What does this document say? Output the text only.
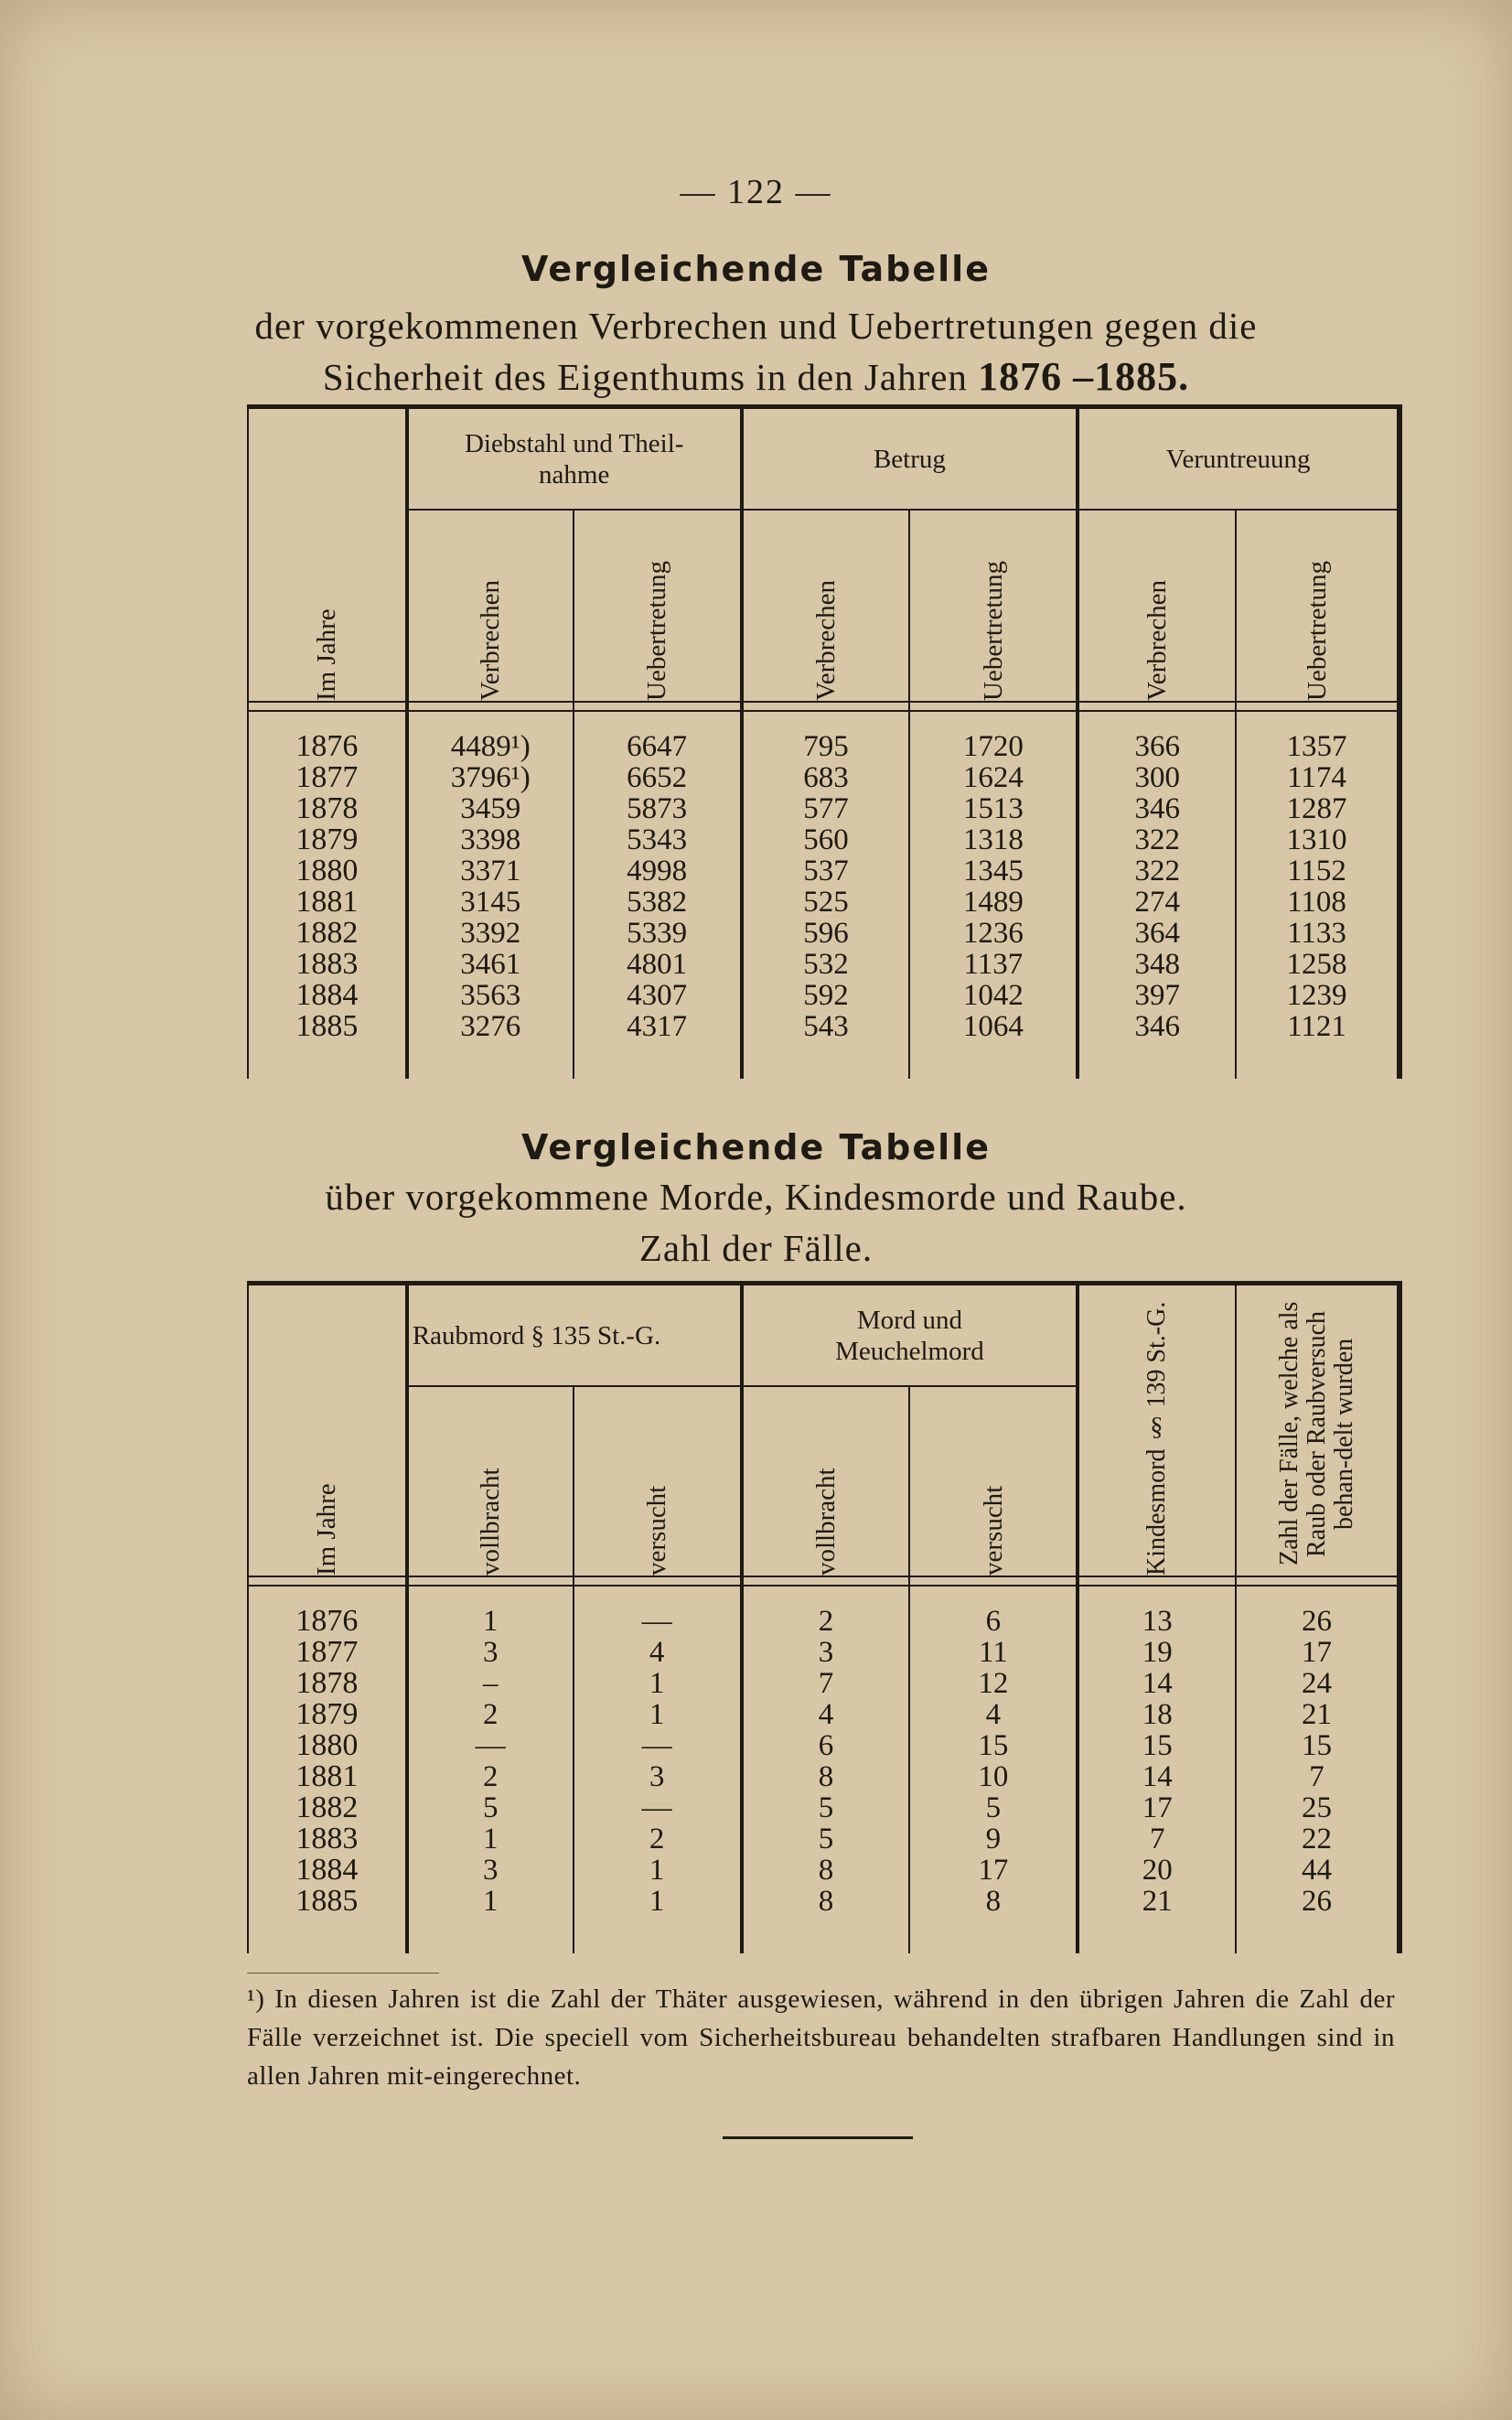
— 122 —
Vergleichende Tabelle
der vorgekommenen Verbrechen und Uebertretungen gegen die
Sicherheit des Eigenthums in den Jahren 1876 –1885.
Im Jahre	Diebstahl und Theil-nahme		Betrug		Veruntreuung	

	Verbrechen	Uebertretung	Verbrechen	Uebertretung	Verbrechen	Uebertretung

1876	4489¹)	6647	795	1720	366	1357
1877	3796¹)	6652	683	1624	300	1174
1878	3459	5873	577	1513	346	1287
1879	3398	5343	560	1318	322	1310
1880	3371	4998	537	1345	322	1152
1881	3145	5382	525	1489	274	1108
1882	3392	5339	596	1236	364	1133
1883	3461	4801	532	1137	348	1258
1884	3563	4307	592	1042	397	1239
1885	3276	4317	543	1064	346	1121

Vergleichende Tabelle
über vorgekommene Morde, Kindesmorde und Raube.
Zahl der Fälle.
Im Jahre	Raubmord § 135 St.-G.		Mord und Meuchelmord		Kindesmord § 139 St.-G.	Zahl der Fälle, welche als Raub oder Raubversuch behan-delt wurden

	vollbracht	versucht	vollbracht	versucht		

1876	1	—	2	6	13	26
1877	3	4	3	11	19	17
1878	–	1	7	12	14	24
1879	2	1	4	4	18	21
1880	—	—	6	15	15	15
1881	2	3	8	10	14	7
1882	5	—	5	5	17	25
1883	1	2	5	9	7	22
1884	3	1	8	17	20	44
1885	1	1	8	8	21	26

¹) In diesen Jahren ist die Zahl der Thäter ausgewiesen, während in den übrigen Jahren die Zahl der Fälle verzeichnet ist. Die speciell vom Sicherheitsbureau behandelten strafbaren Handlungen sind in allen Jahren mit-eingerechnet.
